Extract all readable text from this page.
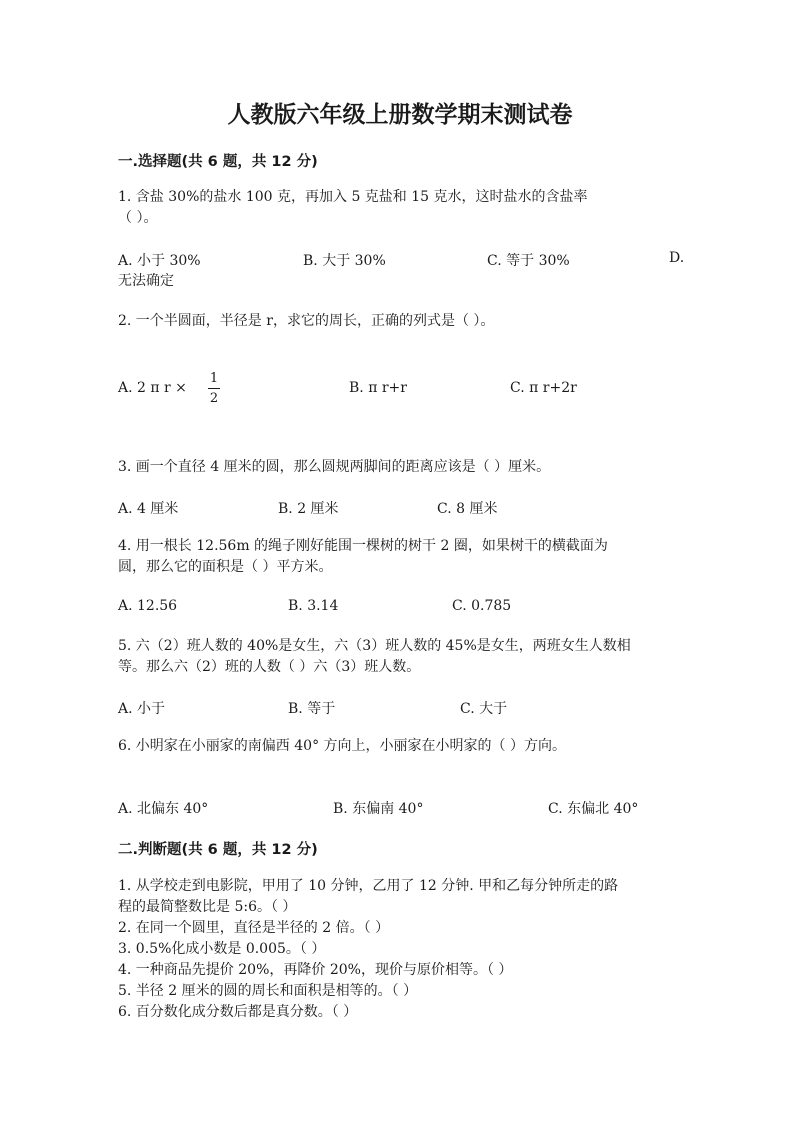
人教版六年级上册数学期末测试卷
一.选择题(共 6 题，共 12 分)
1. 含盐 30%的盐水 100 克，再加入 5 克盐和 15 克水，这时盐水的含盐率
（ ）。
A. 小于 30%	B. 大于 30%	C. 等于 30%	D.
无法确定
2. 一个半圆面，半径是 r，求它的周长，正确的列式是（ ）。
A. 2 π r ×
1
2
B. π r+r	C. π r+2r
3. 画一个直径 4 厘米的圆，那么圆规两脚间的距离应该是（ ）厘米。
A. 4 厘米	B. 2 厘米	C. 8 厘米
4. 用一根长 12.56m 的绳子刚好能围一棵树的树干 2 圈，如果树干的横截面为
圆，那么它的面积是（ ）平方米。
A. 12.56	B. 3.14	C. 0.785
5. 六（2）班人数的 40%是女生，六（3）班人数的 45%是女生，两班女生人数相
等。那么六（2）班的人数（ ）六（3）班人数。
A. 小于	B. 等于	C. 大于
6. 小明家在小丽家的南偏西 40° 方向上，小丽家在小明家的（ ）方向。
A. 北偏东 40°	B. 东偏南 40°	C. 东偏北 40°
二.判断题(共 6 题，共 12 分)
1. 从学校走到电影院，甲用了 10 分钟，乙用了 12 分钟. 甲和乙每分钟所走的路
程的最简整数比是 5:6。（ ）
2. 在同一个圆里，直径是半径的 2 倍。（ ）
3. 0.5%化成小数是 0.005。（ ）
4. 一种商品先提价 20%，再降价 20%，现价与原价相等。（ ）
5. 半径 2 厘米的圆的周长和面积是相等的。（ ）
6. 百分数化成分数后都是真分数。（ ）
